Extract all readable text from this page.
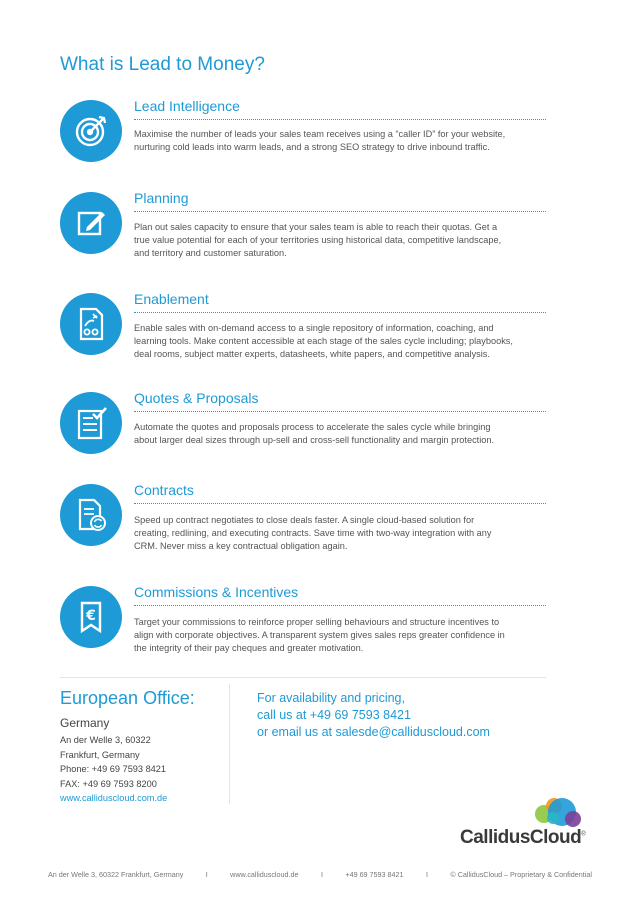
What is Lead to Money?
Lead Intelligence
Maximise the number of leads your sales team receives using a “caller ID” for your website,
nurturing cold leads into warm leads, and a strong SEO strategy to drive inbound traffic.
Planning
Plan out sales capacity to ensure that your sales team is able to reach their quotas. Get a
true value potential for each of your territories using historical data, competitive landscape,
and territory and customer saturation.
Enablement
Enable sales with on-demand access to a single repository of information, coaching, and
learning tools. Make content accessible at each stage of the sales cycle including; playbooks,
deal rooms, subject matter experts, datasheets, white papers, and competitive analysis.
Quotes & Proposals
Automate the quotes and proposals process to accelerate the sales cycle while bringing
about larger deal sizes through up-sell and cross-sell functionality and margin protection.
Contracts
Speed up contract negotiates to close deals faster. A single cloud-based solution for
creating, redlining, and executing contracts. Save time with two-way integration with any
CRM. Never miss a key contractual obligation again.
€
Commissions & Incentives
Target your commissions to reinforce proper selling behaviours and structure incentives to
align with corporate objectives. A transparent system gives sales reps greater confidence in
the integrity of their pay cheques and greater motivation.
European Office:
Germany
An der Welle 3, 60322
Frankfurt, Germany
Phone: +49 69 7593 8421
FAX: +49 69 7593 8200
www.calliduscloud.com.de
For availability and pricing,
call us at +49 69 7593 8421
or email us at salesde@calliduscloud.com
CallidusCloud®
An der Welle 3, 60322 Frankfurt, Germany	I	www.calliduscloud.de	I	+49 69 7593 8421	I	© CallidusCloud – Proprietary & Confidential
